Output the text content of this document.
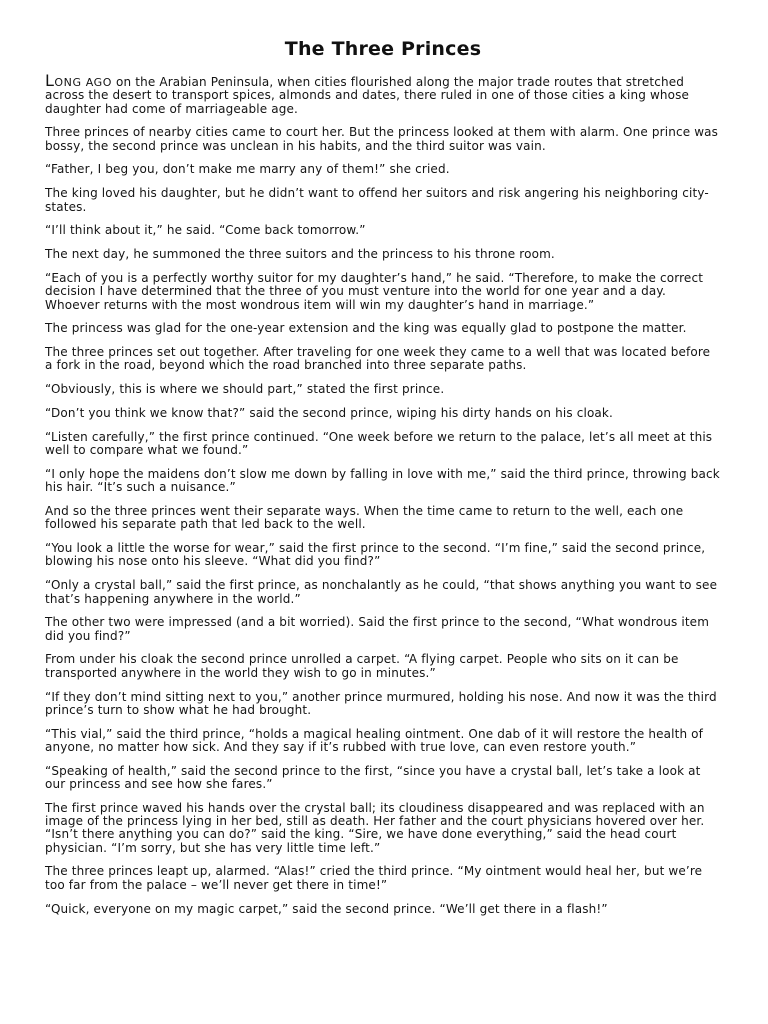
The Three Princes

LONG AGO on the Arabian Peninsula, when cities flourished along the major trade routes that stretched across the desert to transport spices, almonds and dates, there ruled in one of those cities a king whose daughter had come of marriageable age.

Three princes of nearby cities came to court her. But the princess looked at them with alarm. One prince was bossy, the second prince was unclean in his habits, and the third suitor was vain.

“Father, I beg you, don’t make me marry any of them!” she cried.

The king loved his daughter, but he didn’t want to offend her suitors and risk angering his neighboring city-states.

“I’ll think about it,” he said. “Come back tomorrow.”

The next day, he summoned the three suitors and the princess to his throne room.

“Each of you is a perfectly worthy suitor for my daughter’s hand,” he said. “Therefore, to make the correct decision I have determined that the three of you must venture into the world for one year and a day. Whoever returns with the most wondrous item will win my daughter’s hand in marriage.”

The princess was glad for the one-year extension and the king was equally glad to postpone the matter.

The three princes set out together. After traveling for one week they came to a well that was located before a fork in the road, beyond which the road branched into three separate paths.

“Obviously, this is where we should part,” stated the first prince.

“Don’t you think we know that?” said the second prince, wiping his dirty hands on his cloak.

“Listen carefully,” the first prince continued. “One week before we return to the palace, let’s all meet at this well to compare what we found.”

“I only hope the maidens don’t slow me down by falling in love with me,” said the third prince, throwing back his hair. “It’s such a nuisance.”

And so the three princes went their separate ways. When the time came to return to the well, each one followed his separate path that led back to the well.

“You look a little the worse for wear,” said the first prince to the second. “I’m fine,” said the second prince, blowing his nose onto his sleeve. “What did you find?”

“Only a crystal ball,” said the first prince, as nonchalantly as he could, “that shows anything you want to see that’s happening anywhere in the world.”

The other two were impressed (and a bit worried). Said the first prince to the second, “What wondrous item did you find?”

From under his cloak the second prince unrolled a carpet. “A flying carpet. People who sits on it can be transported anywhere in the world they wish to go in minutes.”

“If they don’t mind sitting next to you,” another prince murmured, holding his nose. And now it was the third prince’s turn to show what he had brought.

“This vial,” said the third prince, “holds a magical healing ointment. One dab of it will restore the health of anyone, no matter how sick. And they say if it’s rubbed with true love, can even restore youth.”

“Speaking of health,” said the second prince to the first, “since you have a crystal ball, let’s take a look at our princess and see how she fares.”

The first prince waved his hands over the crystal ball; its cloudiness disappeared and was replaced with an image of the princess lying in her bed, still as death. Her father and the court physicians hovered over her. “Isn’t there anything you can do?” said the king. “Sire, we have done everything,” said the head court physician. “I’m sorry, but she has very little time left.”

The three princes leapt up, alarmed. “Alas!” cried the third prince. “My ointment would heal her, but we’re too far from the palace – we’ll never get there in time!”

“Quick, everyone on my magic carpet,” said the second prince. “We’ll get there in a flash!”
